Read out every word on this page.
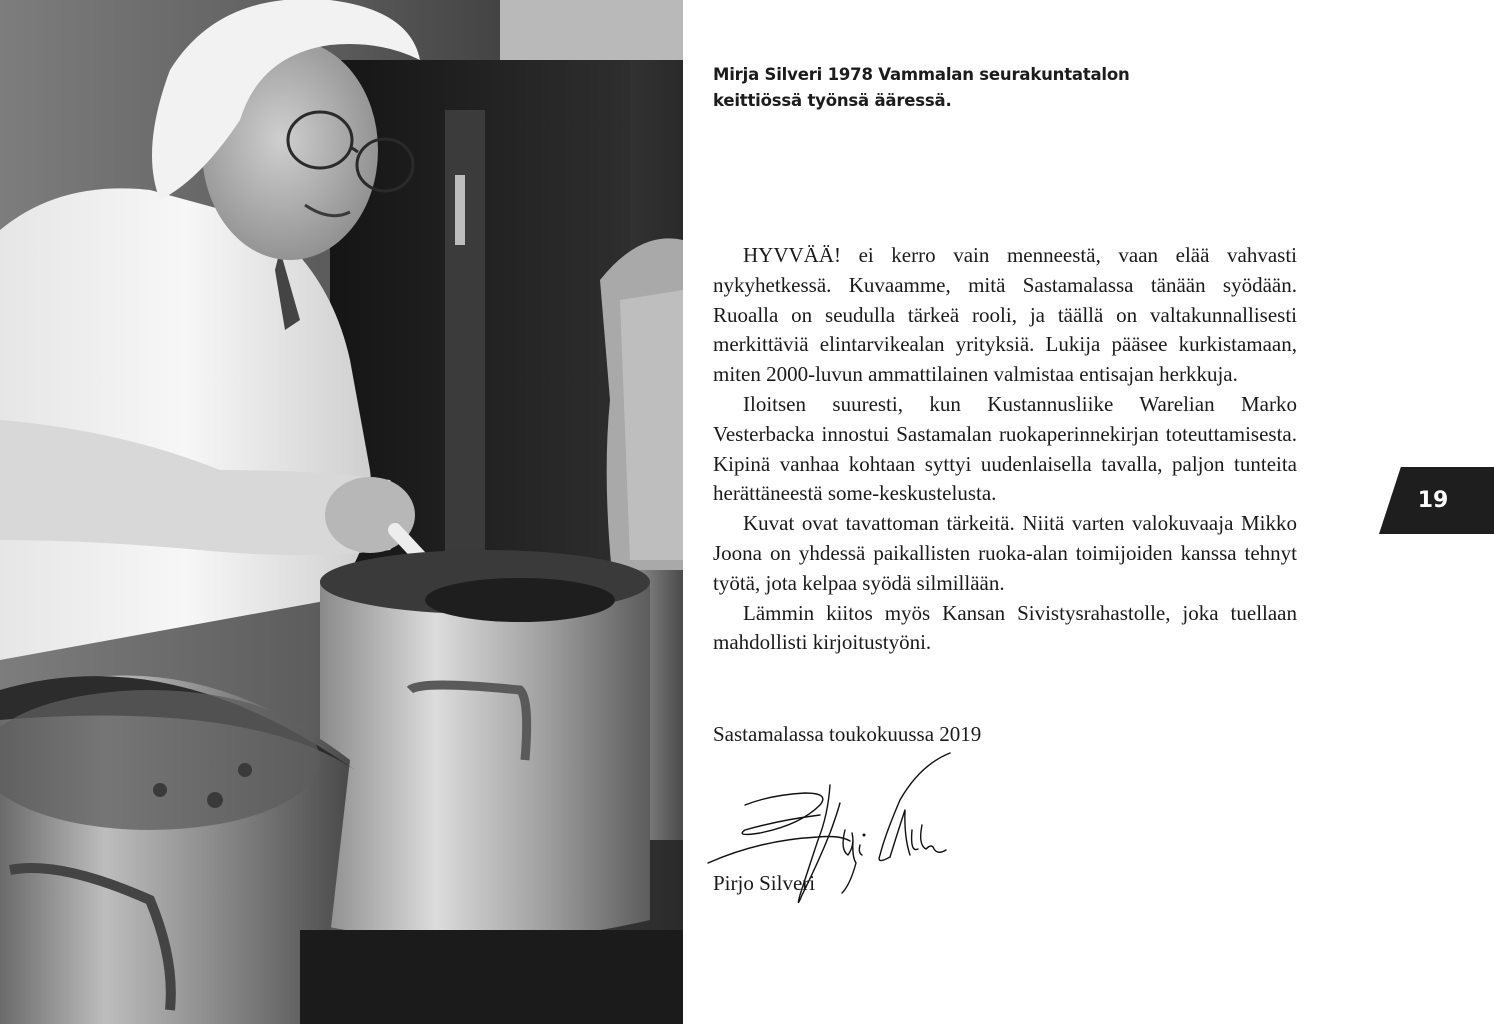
Mirja Silveri 1978 Vammalan seurakuntatalon
keittiössä työnsä ääressä.

HYVVÄÄ! ei kerro vain menneestä, vaan elää vahvasti nykyhetkessä. Kuvaamme, mitä Sastamalassa tänään syödään. Ruoalla on seudulla tärkeä rooli, ja täällä on valtakunnallisesti merkittäviä elintarvikealan yrityksiä. Lukija pääsee kurkistamaan, miten 2000-luvun ammattilainen valmistaa entisajan herkkuja.

Iloitsen suuresti, kun Kustannusliike Warelian Marko Vesterbacka innostui Sastamalan ruokaperinnekirjan toteuttamisesta. Kipinä vanhaa kohtaan syttyi uudenlaisella tavalla, paljon tunteita herättäneestä some-keskustelusta.

Kuvat ovat tavattoman tärkeitä. Niitä varten valokuvaaja Mikko Joona on yhdessä paikallisten ruoka-alan toimijoiden kanssa tehnyt työtä, jota kelpaa syödä silmillään.

Lämmin kiitos myös Kansan Sivistysrahastolle, joka tuellaan mahdollisti kirjoitustyöni.

Sastamalassa toukokuussa 2019
Pirjo Silveri
19
